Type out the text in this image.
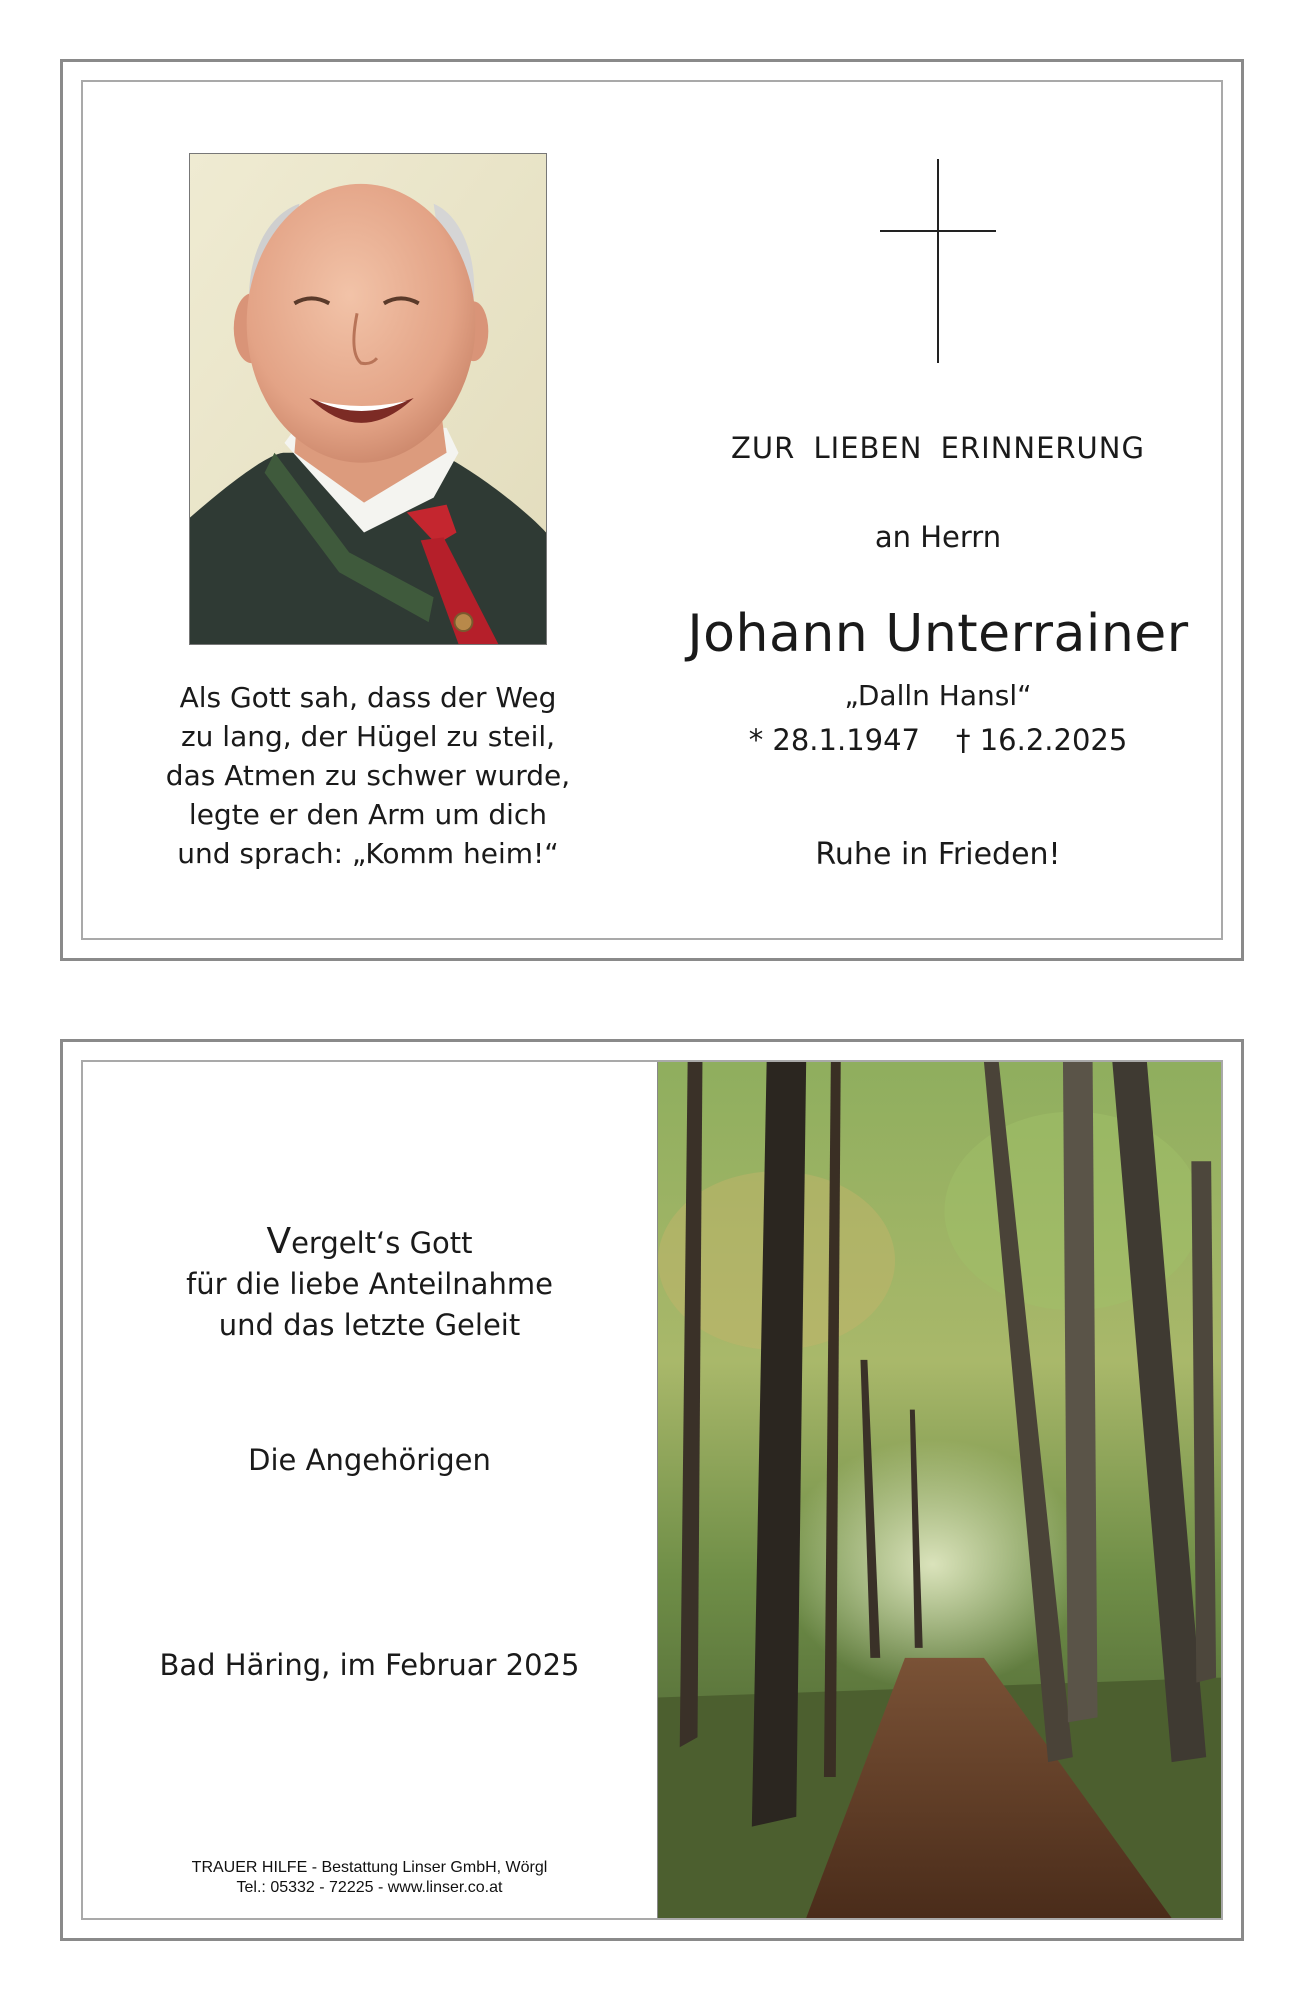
Als Gott sah, dass der Weg
zu lang, der Hügel zu steil,
das Atmen zu schwer wurde,
legte er den Arm um dich
und sprach: „Komm heim!“
ZUR LIEBEN ERINNERUNG
an Herrn
Johann Unterrainer
„Dalln Hansl“
* 28.1.1947 † 16.2.2025
Ruhe in Frieden!
Vergelt‘s Gott
für die liebe Anteilnahme
und das letzte Geleit
Die Angehörigen
Bad Häring, im Februar 2025
TRAUER HILFE - Bestattung Linser GmbH, Wörgl
Tel.: 05332 - 72225 - www.linser.co.at
